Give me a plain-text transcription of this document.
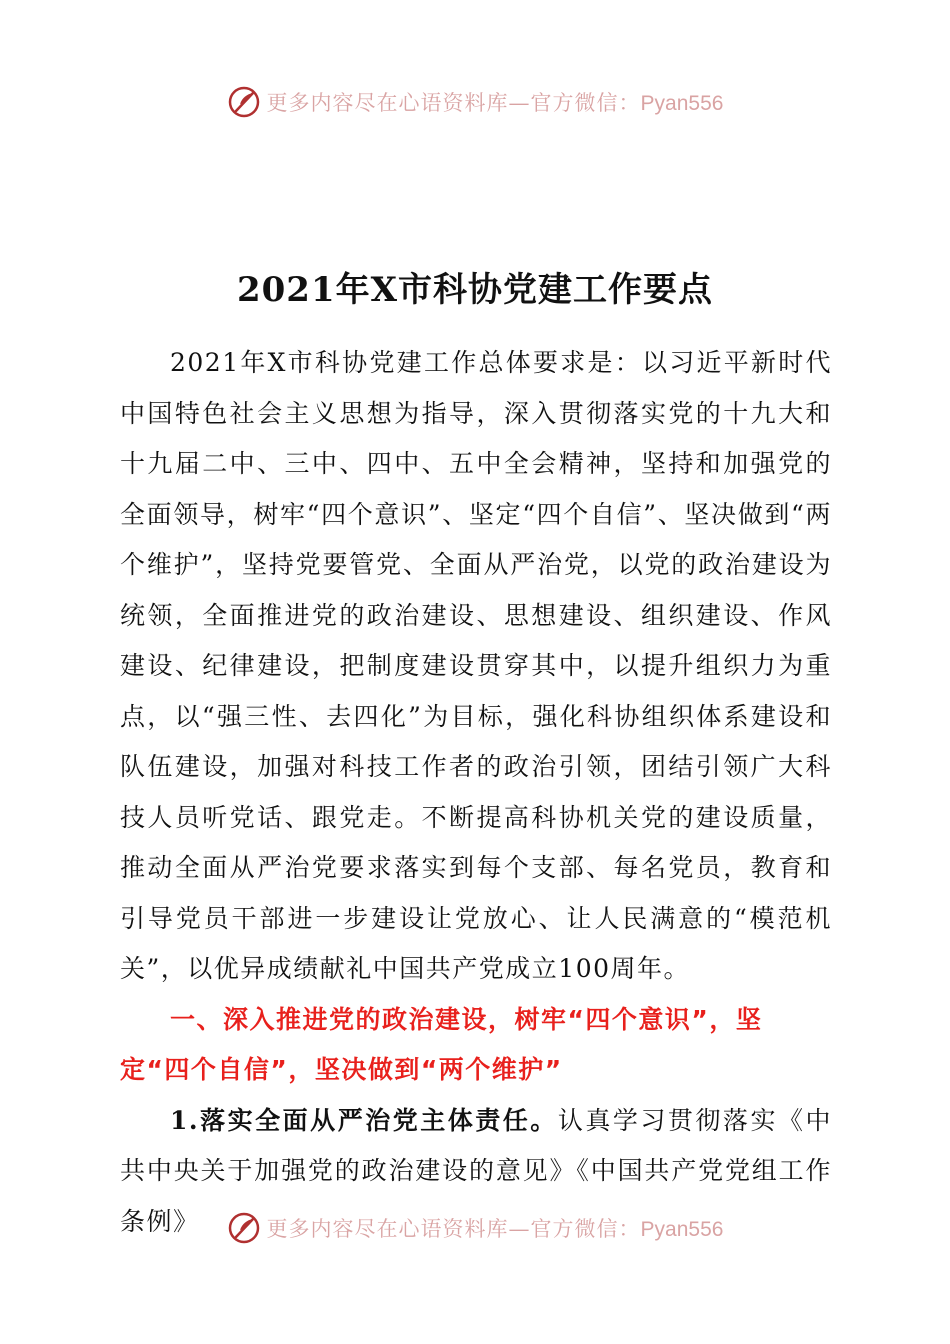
更多内容尽在心语资料库—官方微信：Pyan556
2021年X市科协党建工作要点

2021年X市科协党建工作总体要求是：以习近平新时代中国特色社会主义思想为指导，深入贯彻落实党的十九大和十九届二中、三中、四中、五中全会精神，坚持和加强党的全面领导，树牢“四个意识”、坚定“四个自信”、坚决做到“两个维护”，坚持党要管党、全面从严治党，以党的政治建设为统领，全面推进党的政治建设、思想建设、组织建设、作风建设、纪律建设，把制度建设贯穿其中，以提升组织力为重点，以“强三性、去四化”为目标，强化科协组织体系建设和队伍建设，加强对科技工作者的政治引领，团结引领广大科技人员听党话、跟党走。不断提高科协机关党的建设质量，推动全面从严治党要求落实到每个支部、每名党员，教育和引导党员干部进一步建设让党放心、让人民满意的“模范机关”，以优异成绩献礼中国共产党成立100周年。

一、深入推进党的政治建设，树牢“四个意识”，坚定“四个自信”，坚决做到“两个维护”

1.落实全面从严治党主体责任。认真学习贯彻落实《中共中央关于加强党的政治建设的意见》《中国共产党党组工作条例》	更多内容尽在心语资料库—官方微信：Pyan556
